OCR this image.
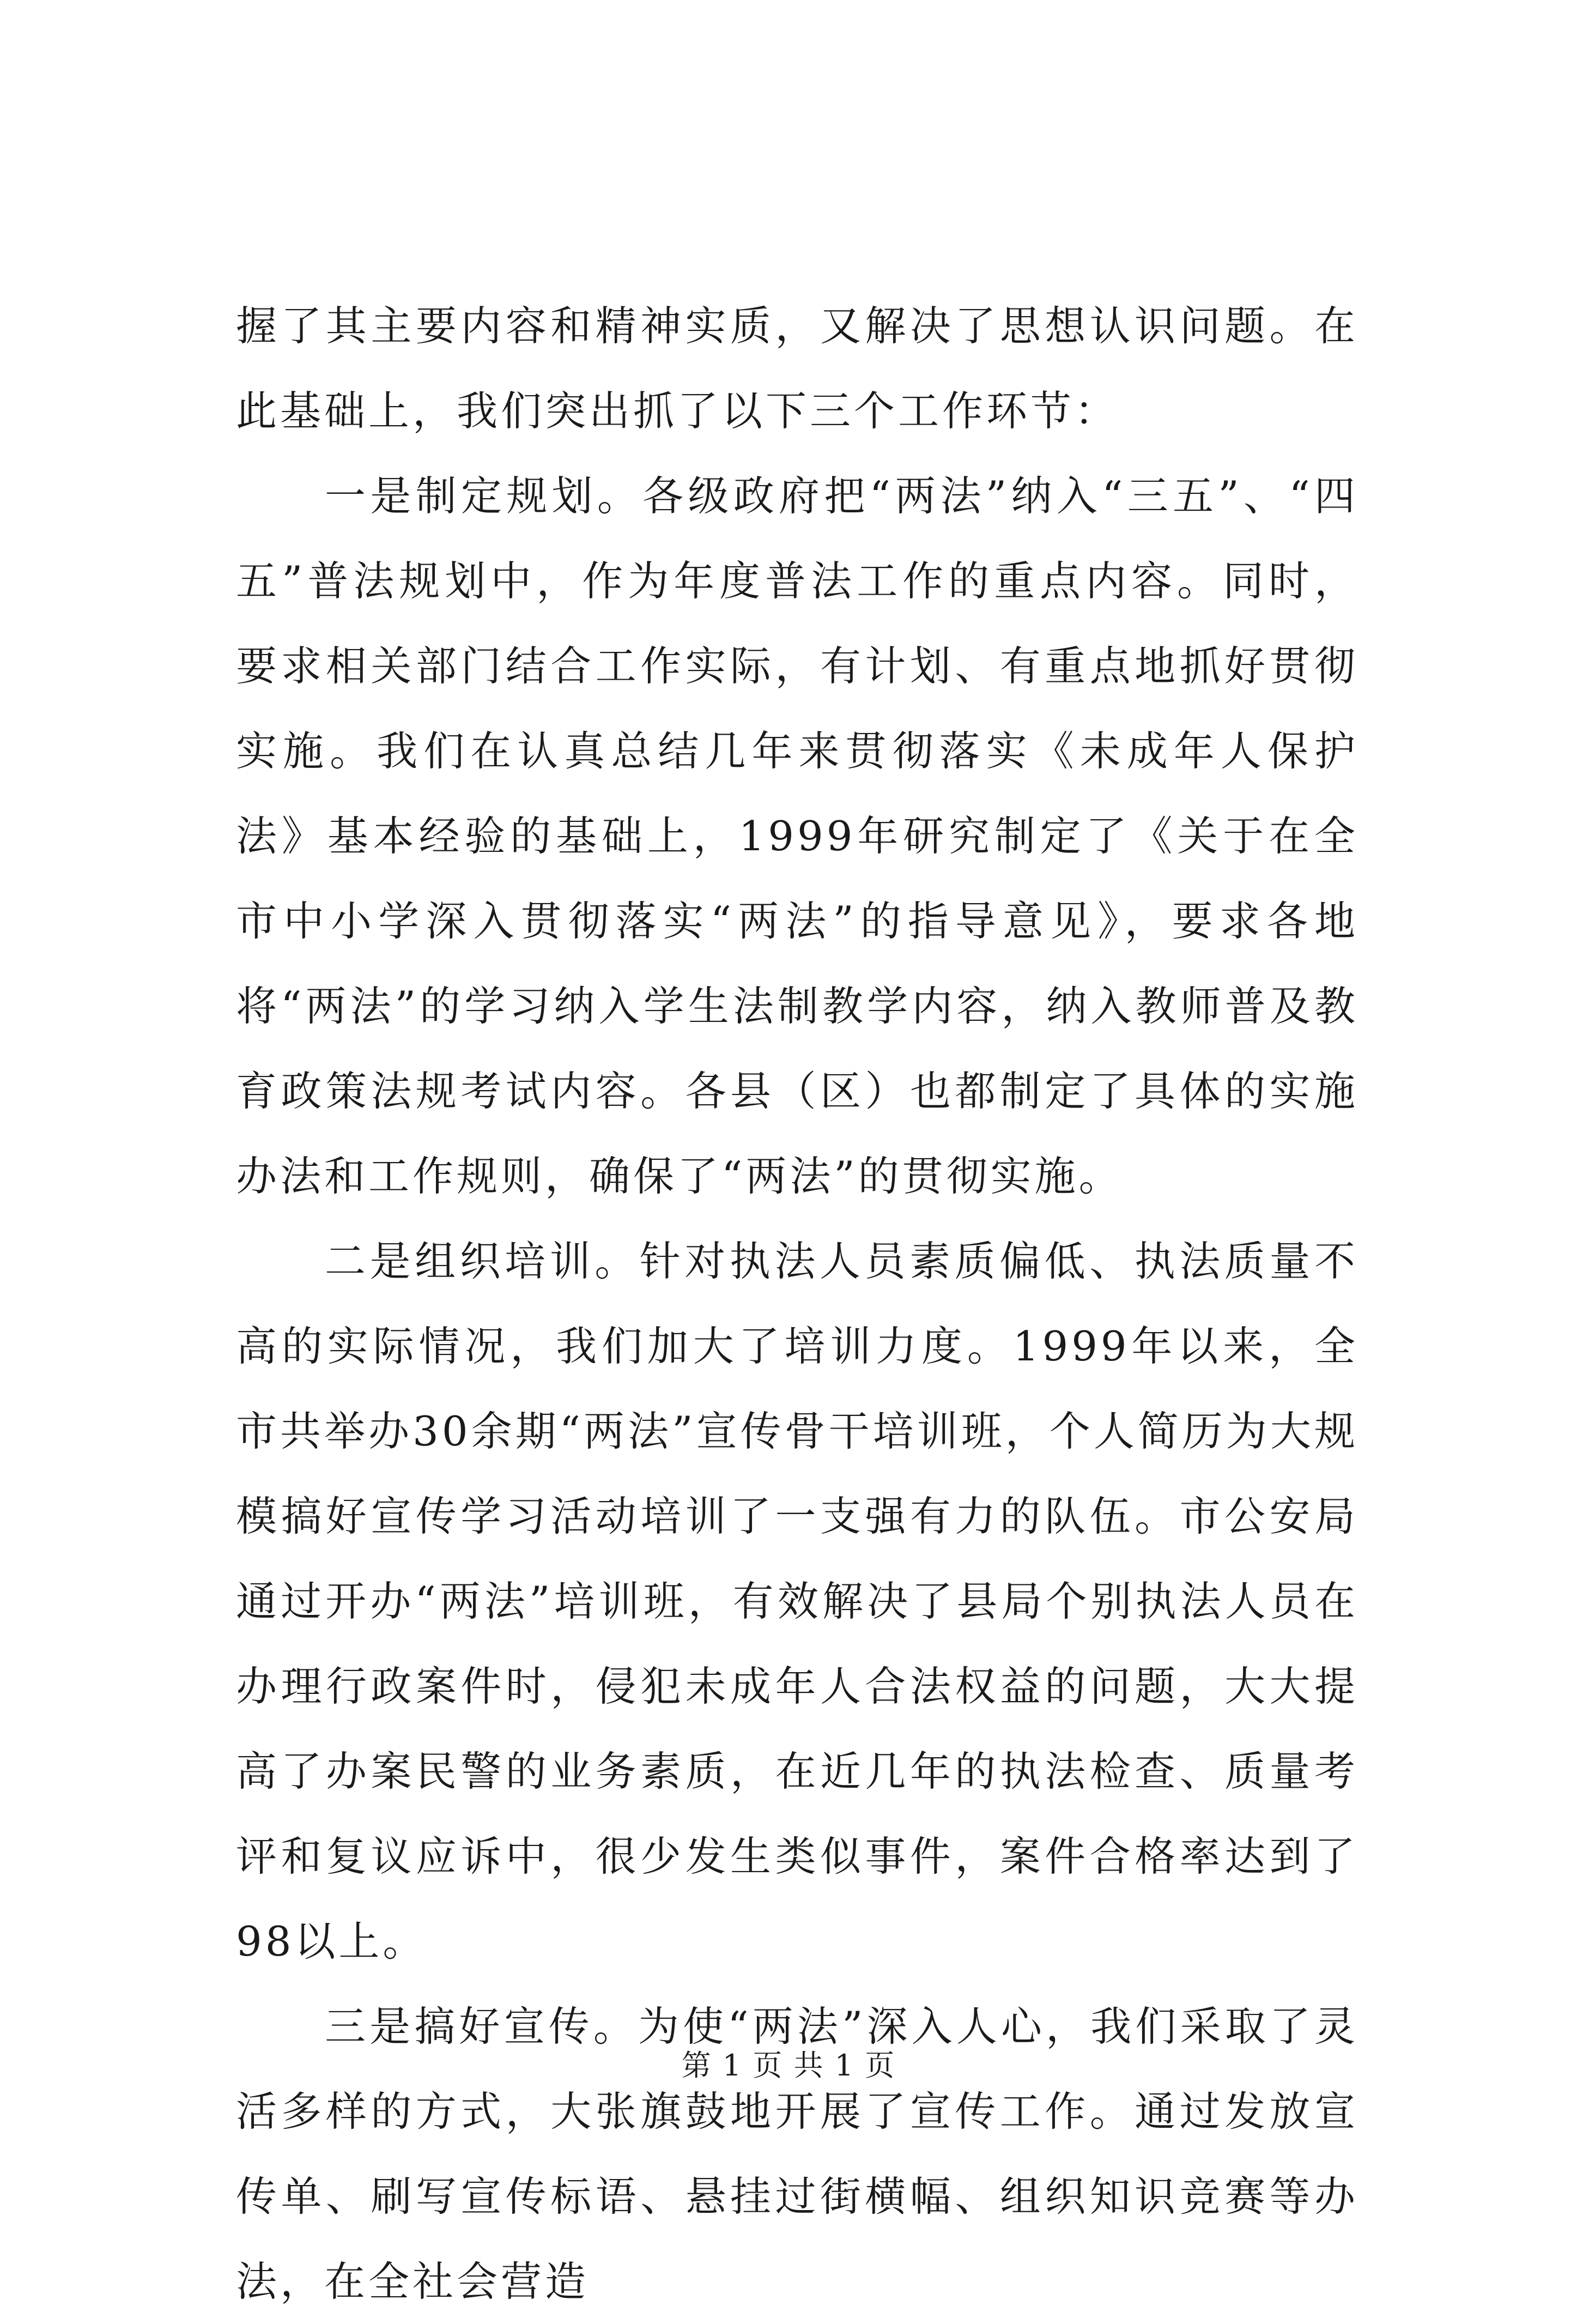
握了其主要内容和精神实质，又解决了思想认识问题。在此基础上，我们突出抓了以下三个工作环节：

一是制定规划。各级政府把“两法”纳入“三五”、“四五”普法规划中，作为年度普法工作的重点内容。同时，要求相关部门结合工作实际，有计划、有重点地抓好贯彻实施。我们在认真总结几年来贯彻落实《未成年人保护法》基本经验的基础上，1999年研究制定了《关于在全市中小学深入贯彻落实“两法”的指导意见》，要求各地将“两法”的学习纳入学生法制教学内容，纳入教师普及教育政策法规考试内容。各县（区）也都制定了具体的实施办法和工作规则，确保了“两法”的贯彻实施。

二是组织培训。针对执法人员素质偏低、执法质量不高的实际情况，我们加大了培训力度。1999年以来，全市共举办30余期“两法”宣传骨干培训班，个人简历为大规模搞好宣传学习活动培训了一支强有力的队伍。市公安局通过开办“两法”培训班，有效解决了县局个别执法人员在办理行政案件时，侵犯未成年人合法权益的问题，大大提高了办案民警的业务素质，在近几年的执法检查、质量考评和复议应诉中，很少发生类似事件，案件合格率达到了98以上。

三是搞好宣传。为使“两法”深入人心，我们采取了灵活多样的方式，大张旗鼓地开展了宣传工作。通过发放宣传单、刷写宣传标语、悬挂过街横幅、组织知识竞赛等办法，在全社会营造

第 1 页 共 1 页
